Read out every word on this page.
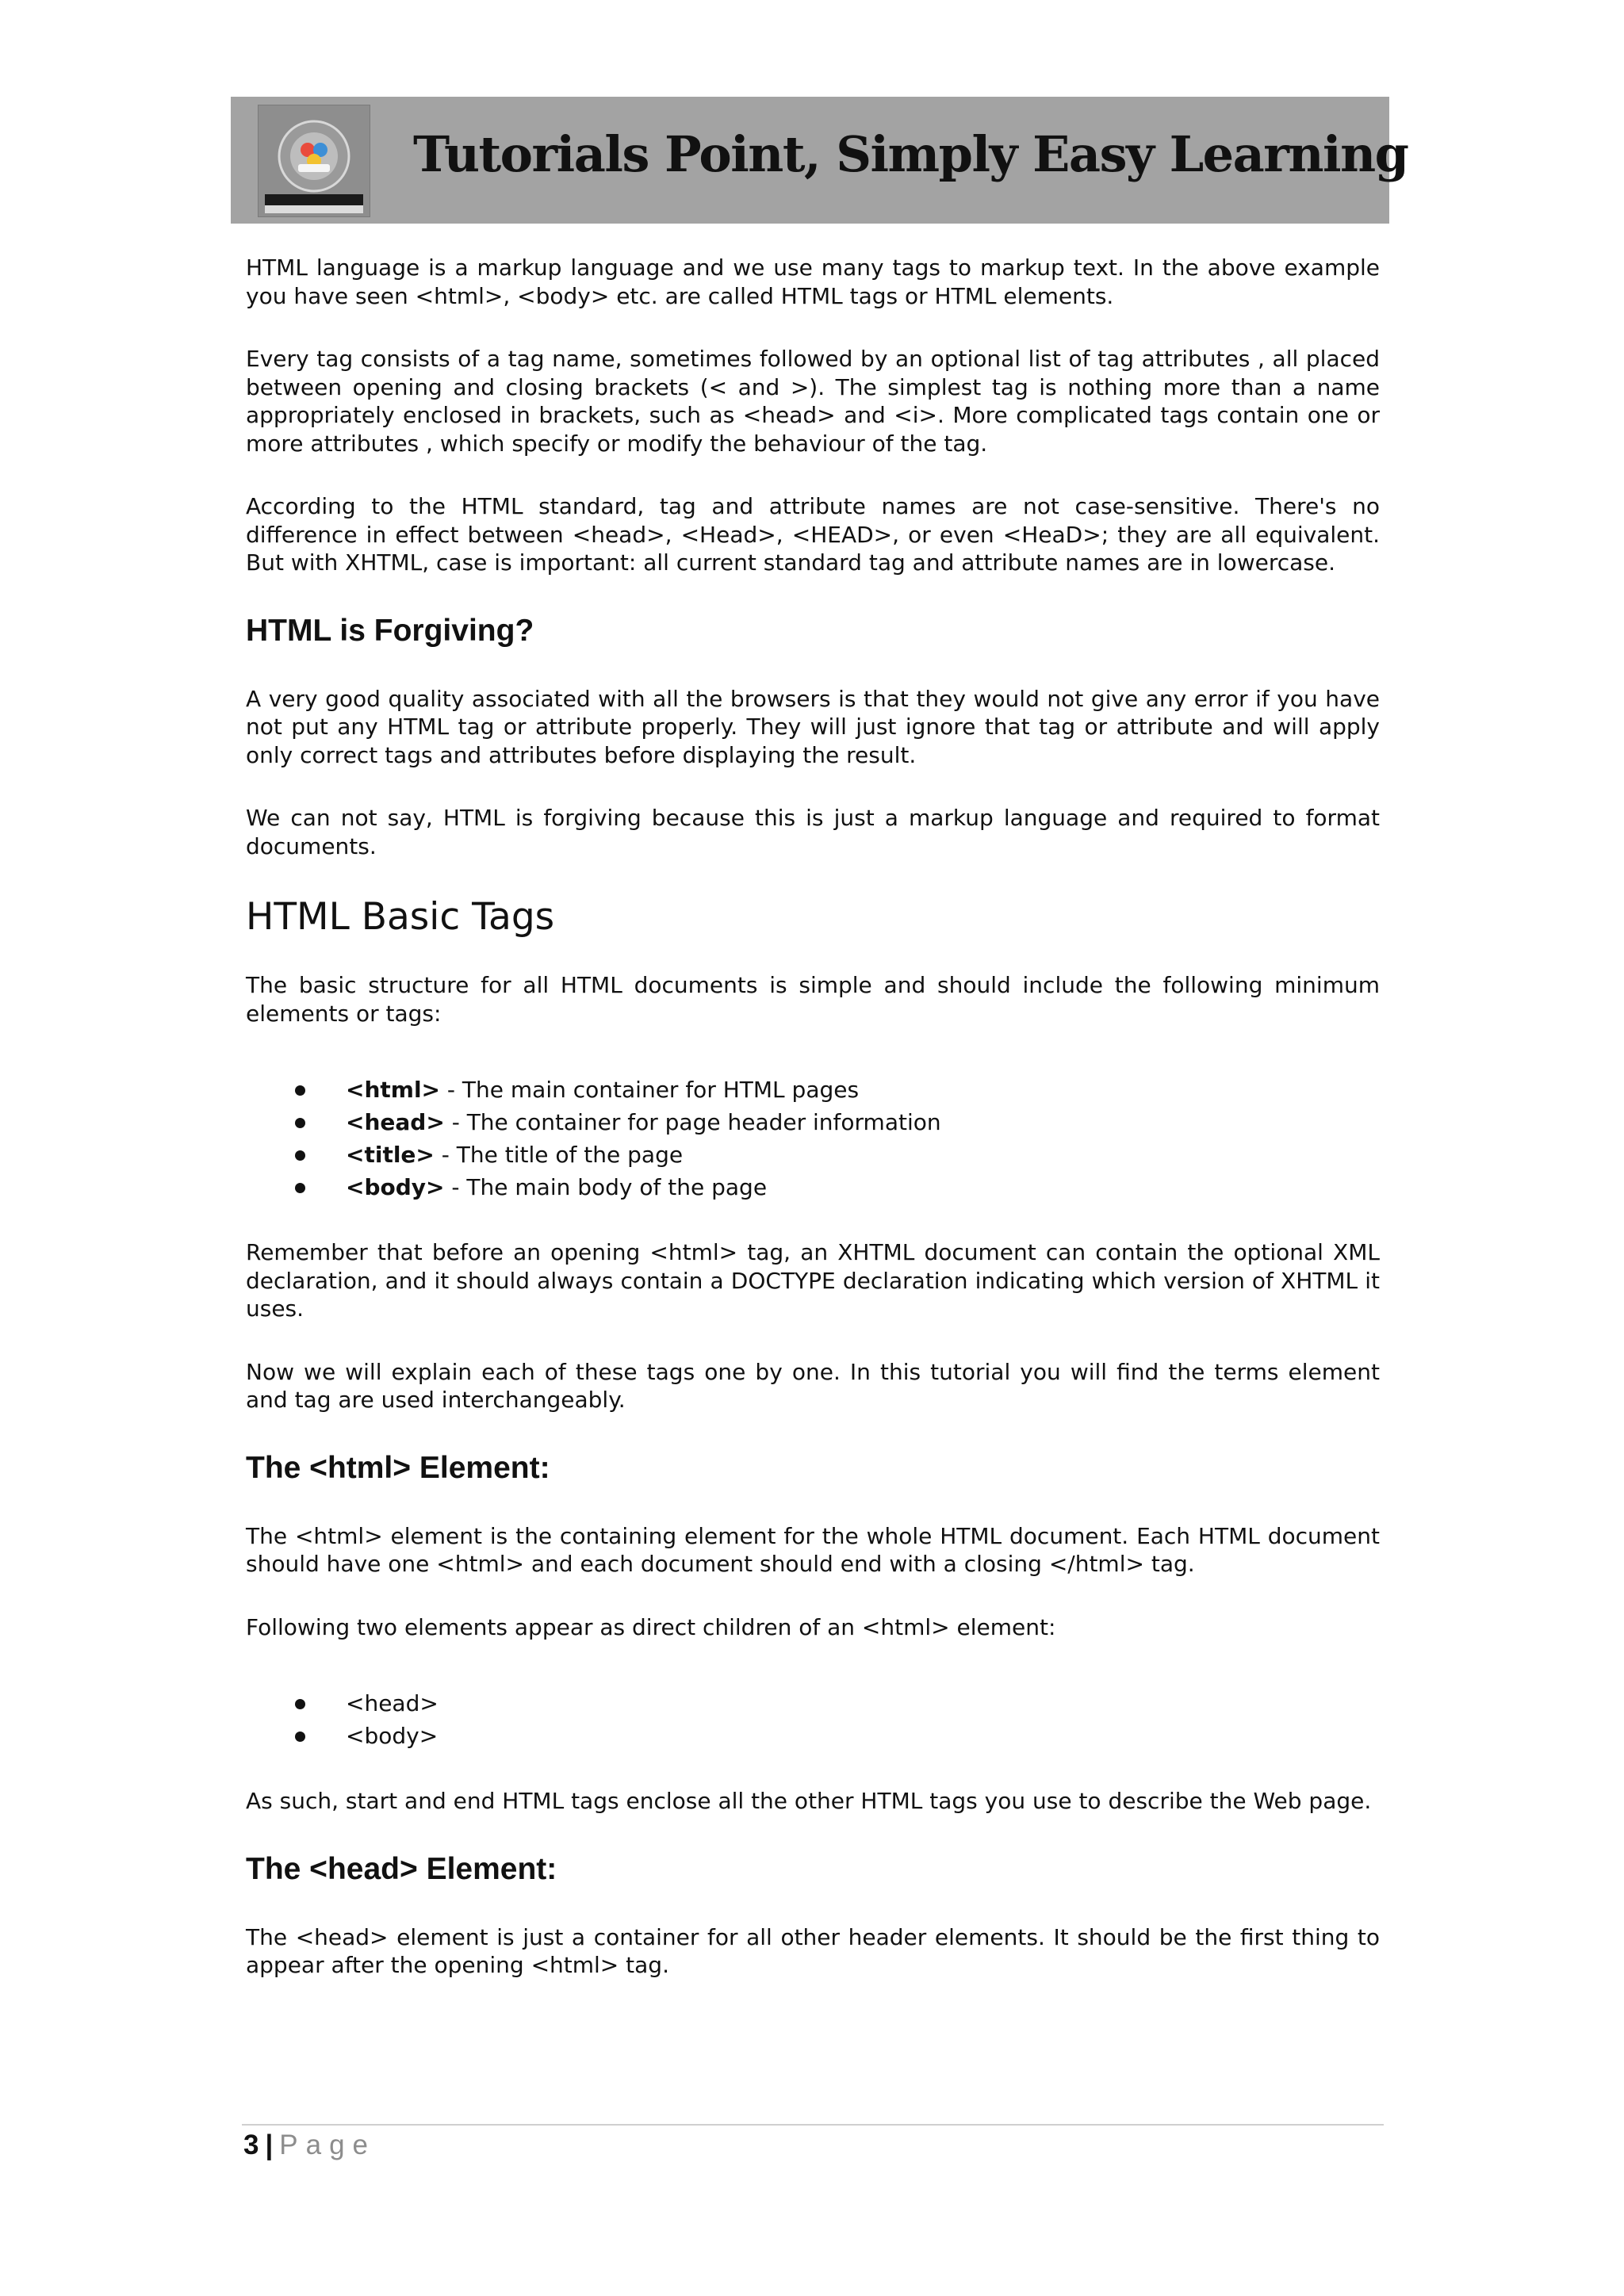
Tutorials Point, Simply Easy Learning

HTML language is a markup language and we use many tags to markup text. In the above example you have seen <html>, <body> etc. are called HTML tags or HTML elements.

Every tag consists of a tag name, sometimes followed by an optional list of tag attributes , all placed between opening and closing brackets (< and >). The simplest tag is nothing more than a name appropriately enclosed in brackets, such as <head> and <i>. More complicated tags contain one or more attributes , which specify or modify the behaviour of the tag.

According to the HTML standard, tag and attribute names are not case-sensitive. There's no difference in effect between <head>, <Head>, <HEAD>, or even <HeaD>; they are all equivalent. But with XHTML, case is important: all current standard tag and attribute names are in lowercase.

HTML is Forgiving?

A very good quality associated with all the browsers is that they would not give any error if you have not put any HTML tag or attribute properly. They will just ignore that tag or attribute and will apply only correct tags and attributes before displaying the result.

We can not say, HTML is forgiving because this is just a markup language and required to format documents.

HTML Basic Tags

The basic structure for all HTML documents is simple and should include the following minimum elements or tags:

<html> - The main container for HTML pages
<head> - The container for page header information
<title> - The title of the page
<body> - The main body of the page

Remember that before an opening <html> tag, an XHTML document can contain the optional XML declaration, and it should always contain a DOCTYPE declaration indicating which version of XHTML it uses.

Now we will explain each of these tags one by one. In this tutorial you will find the terms element and tag are used interchangeably.

The <html> Element:

The <html> element is the containing element for the whole HTML document. Each HTML document should have one <html> and each document should end with a closing </html> tag.

Following two elements appear as direct children of an <html> element:

<head>
<body>

As such, start and end HTML tags enclose all the other HTML tags you use to describe the Web page.

The <head> Element:

The <head> element is just a container for all other header elements. It should be the first thing to appear after the opening <html> tag.

3 | Page
